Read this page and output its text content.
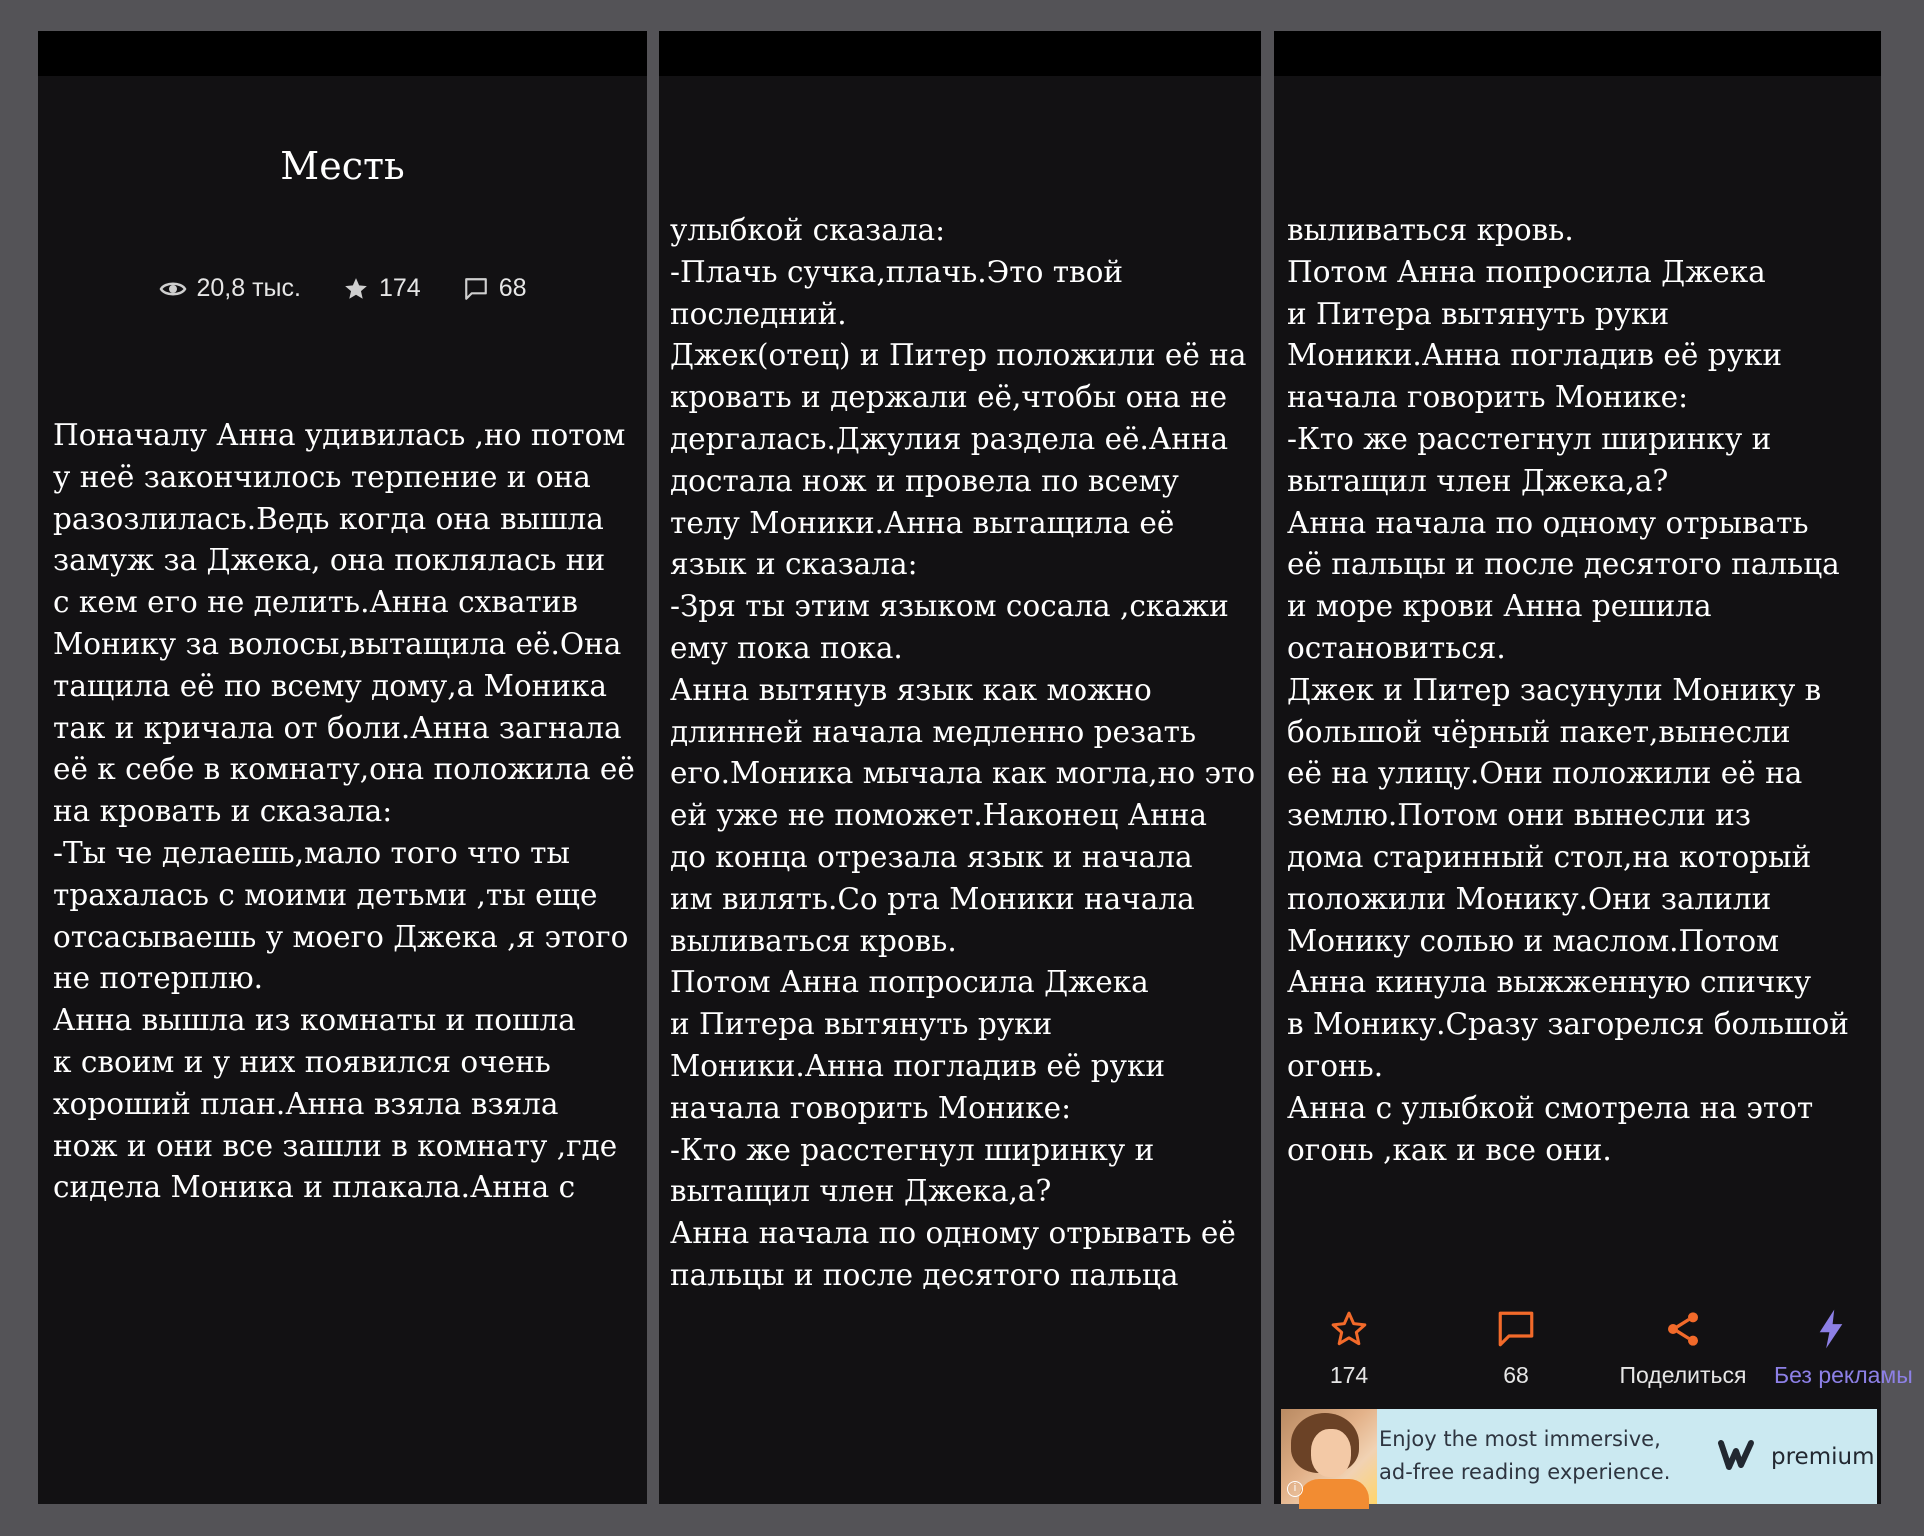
Месть
20,8 тыс.	174	68
Поначалу Анна удивилась ,но потом
у неё закончилось терпение и она
разозлилась.Ведь когда она вышла
замуж за Джека, она поклялась ни
с кем его не делить.Анна схватив
Монику за волосы,вытащила её.Она
тащила её по всему дому,а Моника
так и кричала от боли.Анна загнала
её к себе в комнату,она положила её
на кровать и сказала:
-Ты че делаешь,мало того что ты
трахалась с моими детьми ,ты еще
отсасываешь у моего Джека ,я этого
не потерплю.
Анна вышла из комнаты и пошла
к своим и у них появился очень
хороший план.Анна взяла взяла
нож и они все зашли в комнату ,где
сидела Моника и плакала.Анна с
улыбкой сказала:
-Плачь сучка,плачь.Это твой
последний.
Джек(отец) и Питер положили её на
кровать и держали её,чтобы она не
дергалась.Джулия раздела её.Анна
достала нож и провела по всему
телу Моники.Анна вытащила её
язык и сказала:
-Зря ты этим языком сосала ,скажи
ему пока пока.
Анна вытянув язык как можно
длинней начала медленно резать
его.Моника мычала как могла,но это
ей уже не поможет.Наконец Анна
до конца отрезала язык и начала
им вилять.Со рта Моники начала
выливаться кровь.
Потом Анна попросила Джека
и Питера вытянуть руки
Моники.Анна погладив её руки
начала говорить Монике:
-Кто же расстегнул ширинку и
вытащил член Джека,а?
Анна начала по одному отрывать её
пальцы и после десятого пальца
выливаться кровь.
Потом Анна попросила Джека
и Питера вытянуть руки
Моники.Анна погладив её руки
начала говорить Монике:
-Кто же расстегнул ширинку и
вытащил член Джека,а?
Анна начала по одному отрывать
её пальцы и после десятого пальца
и море крови Анна решила
остановиться.
Джек и Питер засунули Монику в
большой чёрный пакет,вынесли
её на улицу.Они положили её на
землю.Потом они вынесли из
дома старинный стол,на который
положили Монику.Они залили
Монику солью и маслом.Потом
Анна кинула выжженную спичку
в Монику.Сразу загорелся большой
огонь.
Анна с улыбкой смотрела на этот
огонь ,как и все они.
174	68	Поделиться	Без рекламы
i
Enjoy the most immersive,
ad-free reading experience.
premium
